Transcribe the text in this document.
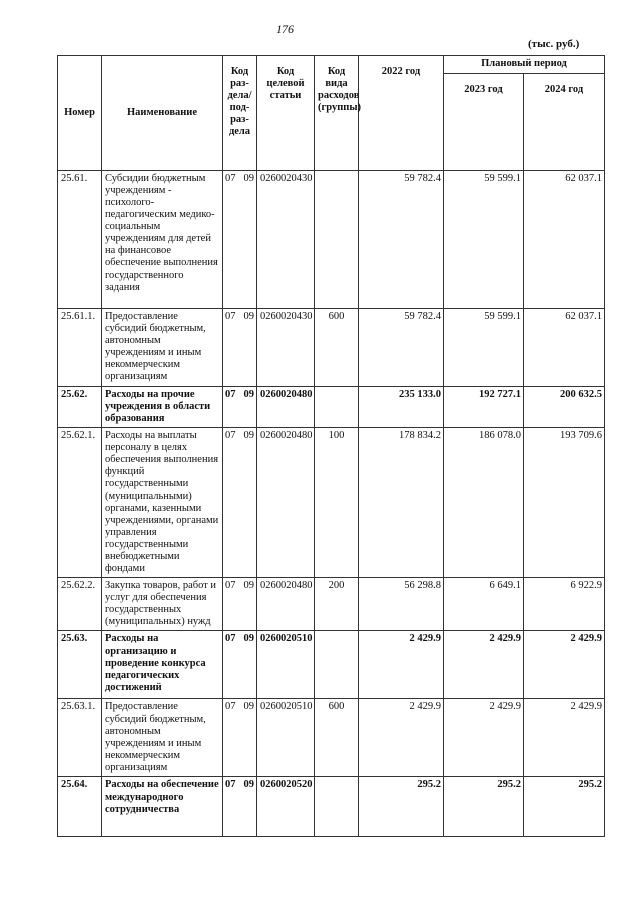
176
(тыс. руб.)
Номер	Наименование	Код раз-дела/ под-раз-дела	Код целевой статьи	Код вида расходов (группы)	2022 год	Плановый период	
						2023 год	2024 год
25.61.	Субсидии бюджетным учреждениям - психолого-педагогическим медико-социальным учреждениям для детей на финансовое обеспечение выполнения государственного задания	07 09	0260020430		59 782.4	59 599.1	62 037.1
25.61.1.	Предоставление субсидий бюджетным, автономным учреждениям и иным некоммерческим организациям	07 09	0260020430	600	59 782.4	59 599.1	62 037.1
25.62.	Расходы на прочие учреждения в области образования	07 09	0260020480		235 133.0	192 727.1	200 632.5
25.62.1.	Расходы на выплаты персоналу в целях обеспечения выполнения функций государственными (муниципальными) органами, казенными учреждениями, органами управления государственными внебюджетными фондами	07 09	0260020480	100	178 834.2	186 078.0	193 709.6
25.62.2.	Закупка товаров, работ и услуг для обеспечения государственных (муниципальных) нужд	07 09	0260020480	200	56 298.8	6 649.1	6 922.9
25.63.	Расходы на организацию и проведение конкурса педагогических достижений	07 09	0260020510		2 429.9	2 429.9	2 429.9
25.63.1.	Предоставление субсидий бюджетным, автономным учреждениям и иным некоммерческим организациям	07 09	0260020510	600	2 429.9	2 429.9	2 429.9
25.64.	Расходы на обеспечение международного сотрудничества	07 09	0260020520		295.2	295.2	295.2
